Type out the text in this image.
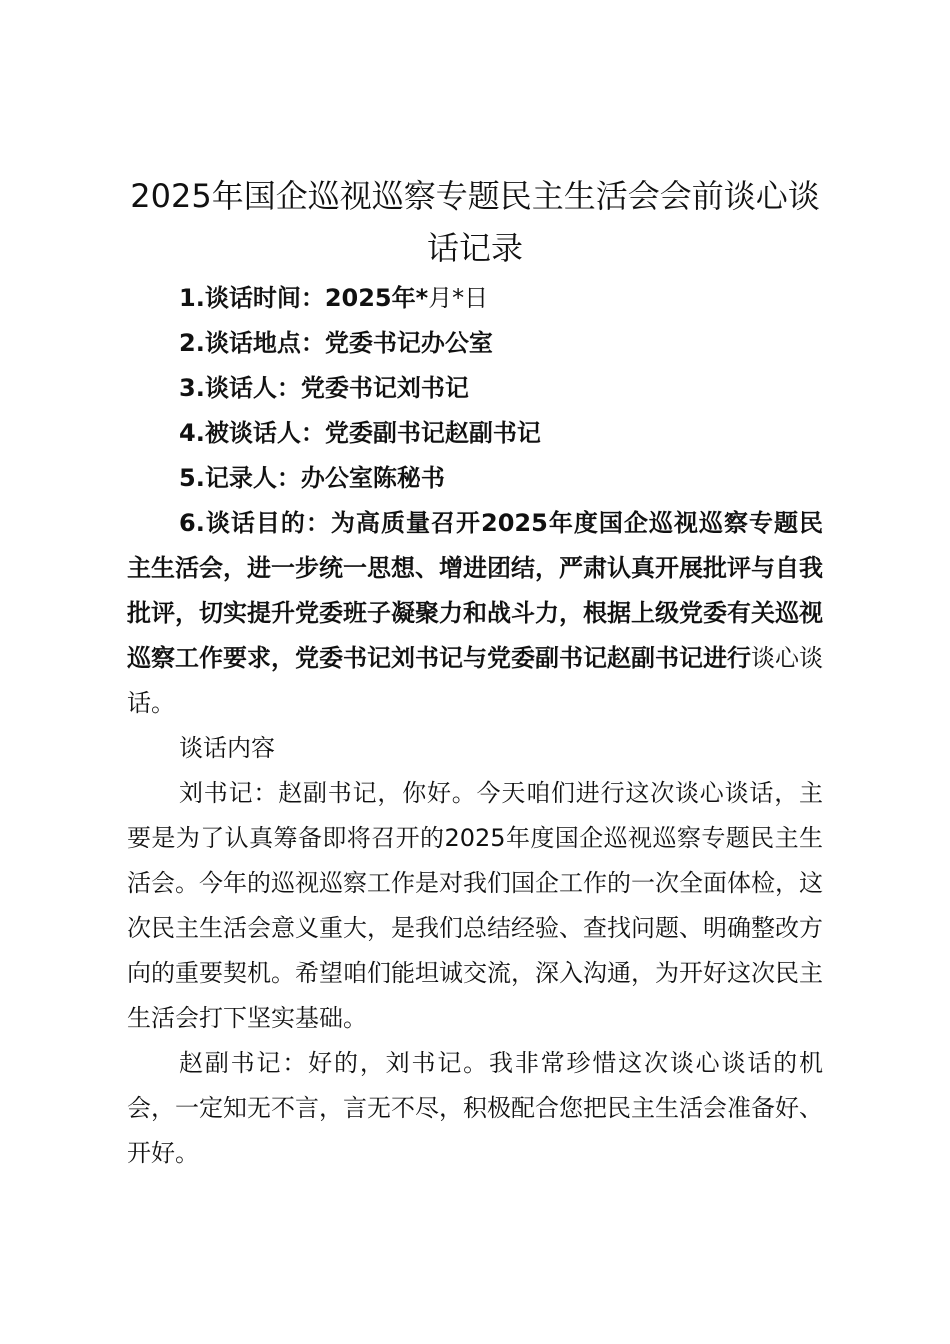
2025年国企巡视巡察专题民主生活会会前谈心谈话记录

1.谈话时间：2025年*月*日

2.谈话地点：党委书记办公室

3.谈话人：党委书记刘书记

4.被谈话人：党委副书记赵副书记

5.记录人：办公室陈秘书

6.谈话目的：为高质量召开2025年度国企巡视巡察专题民主生活会，进一步统一思想、增进团结，严肃认真开展批评与自我批评，切实提升党委班子凝聚力和战斗力，根据上级党委有关巡视巡察工作要求，党委书记刘书记与党委副书记赵副书记进行谈心谈话。

谈话内容

刘书记：赵副书记，你好。今天咱们进行这次谈心谈话，主要是为了认真筹备即将召开的2025年度国企巡视巡察专题民主生活会。今年的巡视巡察工作是对我们国企工作的一次全面体检，这次民主生活会意义重大，是我们总结经验、查找问题、明确整改方向的重要契机。希望咱们能坦诚交流，深入沟通，为开好这次民主生活会打下坚实基础。

赵副书记：好的，刘书记。我非常珍惜这次谈心谈话的机会，一定知无不言，言无不尽，积极配合您把民主生活会准备好、开好。
